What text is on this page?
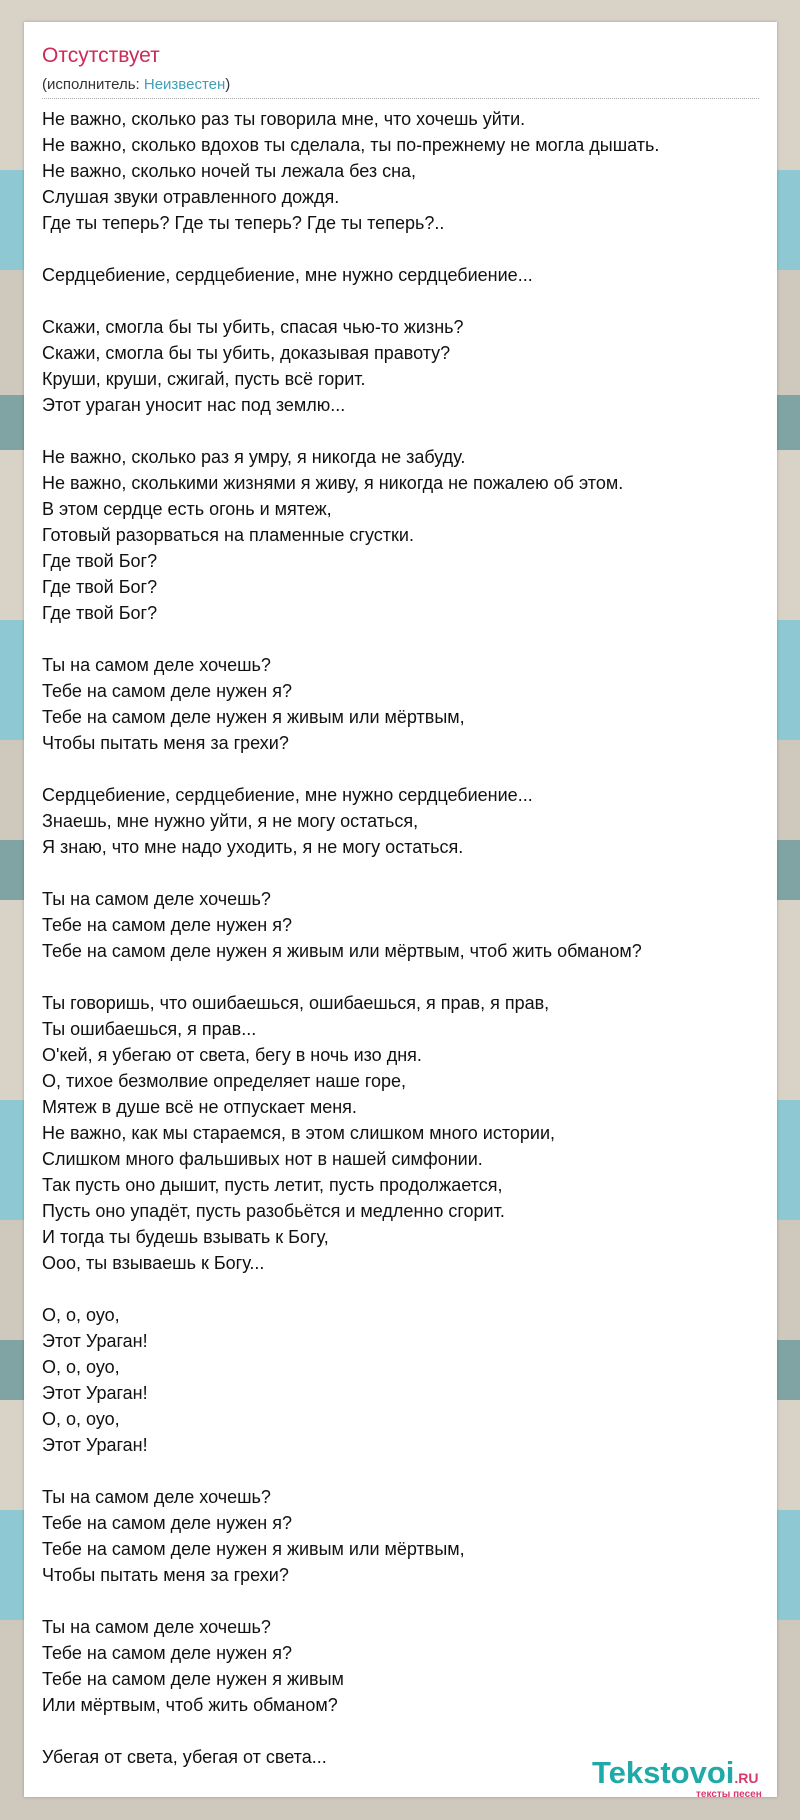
Отсутствует
(исполнитель: Неизвестен)
Не важно, сколько раз ты говорила мне, что хочешь уйти.
Не важно, сколько вдохов ты сделала, ты по-прежнему не могла дышать.
Не важно, сколько ночей ты лежала без сна,
Слушая звуки отравленного дождя.
Где ты теперь? Где ты теперь? Где ты теперь?..
Сердцебиение, сердцебиение, мне нужно сердцебиение...
Скажи, смогла бы ты убить, спасая чью-то жизнь?
Скажи, смогла бы ты убить, доказывая правоту?
Круши, круши, сжигай, пусть всё горит.
Этот ураган уносит нас под землю...
Не важно, сколько раз я умру, я никогда не забуду.
Не важно, сколькими жизнями я живу, я никогда не пожалею об этом.
В этом сердце есть огонь и мятеж,
Готовый разорваться на пламенные сгустки.
Где твой Бог?
Где твой Бог?
Где твой Бог?
Ты на самом деле хочешь?
Тебе на самом деле нужен я?
Тебе на самом деле нужен я живым или мёртвым,
Чтобы пытать меня за грехи?
Сердцебиение, сердцебиение, мне нужно сердцебиение...
Знаешь, мне нужно уйти, я не могу остаться,
Я знаю, что мне надо уходить, я не могу остаться.
Ты на самом деле хочешь?
Тебе на самом деле нужен я?
Тебе на самом деле нужен я живым или мёртвым, чтоб жить обманом?
Ты говоришь, что ошибаешься, ошибаешься, я прав, я прав,
Ты ошибаешься, я прав...
О'кей, я убегаю от света, бегу в ночь изо дня.
О, тихое безмолвие определяет наше горе,
Мятеж в душе всё не отпускает меня.
Не важно, как мы стараемся, в этом слишком много истории,
Слишком много фальшивых нот в нашей симфонии.
Так пусть оно дышит, пусть летит, пусть продолжается,
Пусть оно упадёт, пусть разобьётся и медленно сгорит.
И тогда ты будешь взывать к Богу,
Ооо, ты взываешь к Богу...
О, о, оуо,
Этот Ураган!
О, о, оуо,
Этот Ураган!
О, о, оуо,
Этот Ураган!
Ты на самом деле хочешь?
Тебе на самом деле нужен я?
Тебе на самом деле нужен я живым или мёртвым,
Чтобы пытать меня за грехи?
Ты на самом деле хочешь?
Тебе на самом деле нужен я?
Тебе на самом деле нужен я живым
Или мёртвым, чтоб жить обманом?
Убегая от света, убегая от света...	Tekstovoi.RU
тексты песен
